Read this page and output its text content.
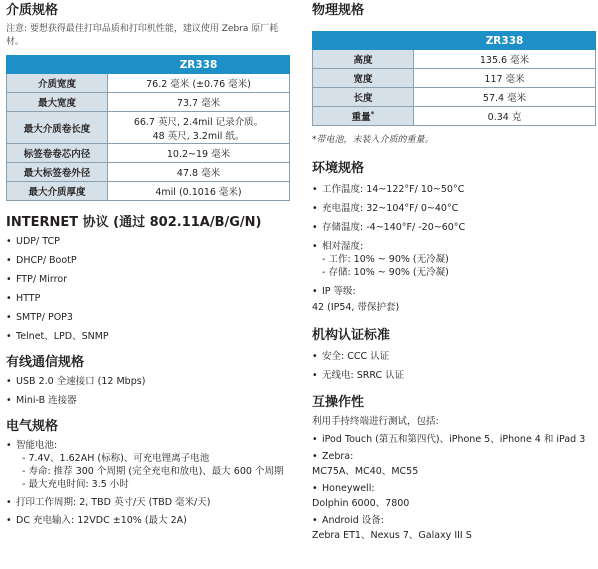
介质规格
注意: 要想获得最佳打印品质和打印机性能，建议使用 Zebra 原厂耗材。
	ZR338
介质宽度	76.2 毫米 (±0.76 毫米)
最大宽度	73.7 毫米
最大介质卷长度	66.7 英尺, 2.4mil 记录介质。
48 英尺, 3.2mil 纸。

标签卷卷芯内径	10.2~19 毫米
最大标签卷外径	47.8 毫米
最大介质厚度	4mil (0.1016 毫米)
INTERNET 协议 (通过 802.11A/B/G/N)
• UDP/ TCP
• DHCP/ BootP
• FTP/ Mirror
• HTTP
• SMTP/ POP3
• Telnet、LPD、SNMP
有线通信规格
• USB 2.0 全速接口 (12 Mbps)
• Mini-B 连接器
电气规格
• 智能电池:
- 7.4V、1.62AH (标称)、可充电锂离子电池
- 寿命: 推荐 300 个周期 (完全充电和放电)、最大 600 个周期
- 最大充电时间: 3.5 小时
• 打印工作周期: 2, TBD 英寸/天 (TBD 毫米/天)
• DC 充电输入: 12VDC ±10% (最大 2A)
物理规格
	ZR338
高度	135.6 毫米
宽度	117 毫米
长度	57.4 毫米
重量*	0.34 克
*带电池，未装入介质的重量。
环境规格
• 工作温度: 14~122°F/ 10~50°C
• 充电温度: 32~104°F/ 0~40°C
• 存储温度: -4~140°F/ -20~60°C
• 相对湿度:
- 工作: 10% ~ 90% (无冷凝)
- 存储: 10% ~ 90% (无冷凝)
• IP 等级:
42 (IP54, 带保护套)
机构认证标准
• 安全: CCC 认证
• 无线电: SRRC 认证
互操作性
利用手持终端进行测试，包括:
• iPod Touch (第五和第四代)、iPhone 5、iPhone 4 和 iPad 3
• Zebra:
MC75A、MC40、MC55
• Honeywell:
Dolphin 6000、7800
• Android 设备:
Zebra ET1、Nexus 7、Galaxy III S
